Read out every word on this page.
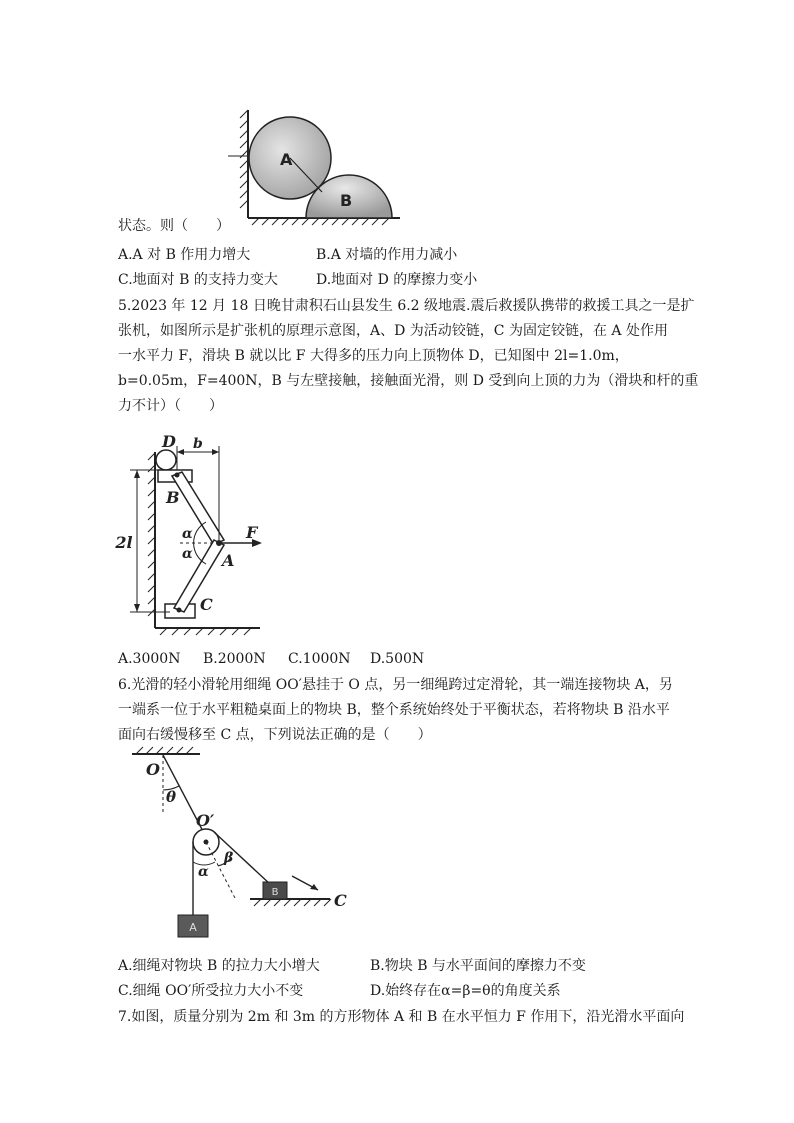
A
B
状态。则（　　）
A.A 对 B 作用力增大	B.A 对墙的作用力减小
C.地面对 B 的支持力变大	D.地面对 D 的摩擦力变小
5.2023 年 12 月 18 日晚甘肃积石山县发生 6.2 级地震.震后救援队携带的救援工具之一是扩
张机，如图所示是扩张机的原理示意图，A、D 为活动铰链，C 为固定铰链，在 A 处作用
一水平力 F，滑块 B 就以比 F 大得多的压力向上顶物体 D，已知图中 2l=1.0m，
b=0.05m，F=400N，B 与左壁接触，接触面光滑，则 D 受到向上顶的力为（滑块和杆的重
力不计）（　　）
D
B
C
A
F
b
2l	α
α
A.3000N B.2000N C.1000N D.500N
6.光滑的轻小滑轮用细绳 OO′悬挂于 O 点，另一细绳跨过定滑轮，其一端连接物块 A，另
一端系一位于水平粗糙桌面上的物块 B，整个系统始终处于平衡状态，若将物块 B 沿水平
面向右缓慢移至 C 点，下列说法正确的是（　　）
O
θ
O′
α
β
A
B	C
A.细绳对物块 B 的拉力大小增大	B.物块 B 与水平面间的摩擦力不变
C.细绳 OO′所受拉力大小不变	D.始终存在α=β=θ的角度关系
7.如图，质量分别为 2m 和 3m 的方形物体 A 和 B 在水平恒力 F 作用下，沿光滑水平面向
